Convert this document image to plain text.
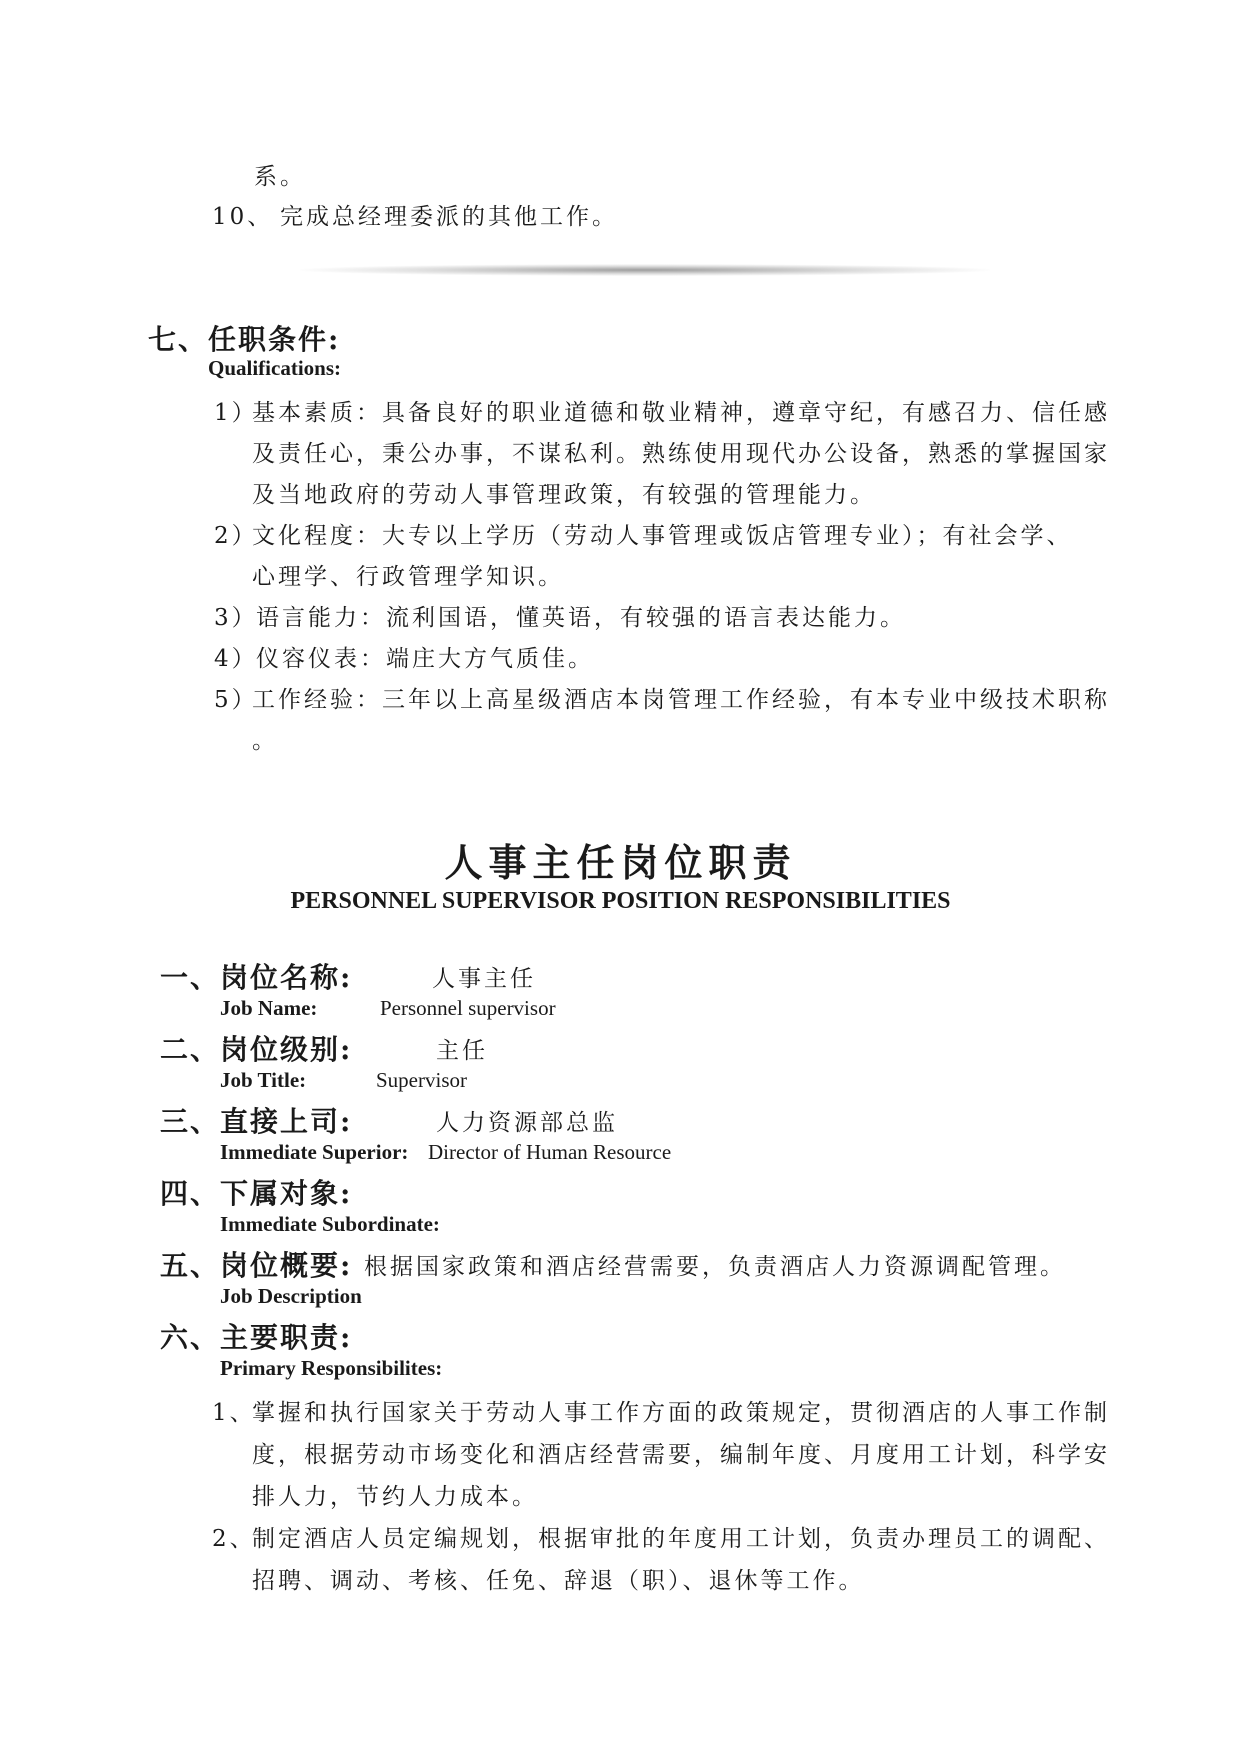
系。
10、 完成总经理委派的其他工作。
七、任职条件:
Qualifications:
1）
基本素质：具备良好的职业道德和敬业精神，遵章守纪，有感召力、信任感
及责任心，秉公办事，不谋私利。熟练使用现代办公设备，熟悉的掌握国家
及当地政府的劳动人事管理政策，有较强的管理能力。
2）
文化程度：大专以上学历（劳动人事管理或饭店管理专业）；有社会学、
心理学、行政管理学知识。
3）
语言能力：流利国语，懂英语，有较强的语言表达能力。
4）
仪容仪表：端庄大方气质佳。
5）
工作经验：三年以上高星级酒店本岗管理工作经验，有本专业中级技术职称
。
人事主任岗位职责
PERSONNEL SUPERVISOR POSITION RESPONSIBILITIES
一、岗位名称:	人事主任
Job Name:	Personnel supervisor
二、岗位级别:	主任
Job Title:	Supervisor
三、直接上司:	人力资源部总监
Immediate Superior: Director of Human Resource
四、下属对象:
Immediate Subordinate:
五、岗位概要: 根据国家政策和酒店经营需要，负责酒店人力资源调配管理。
Job Description
六、主要职责:
Primary Responsibilites:
1、
掌握和执行国家关于劳动人事工作方面的政策规定，贯彻酒店的人事工作制
度，根据劳动市场变化和酒店经营需要，编制年度、月度用工计划，科学安
排人力，节约人力成本。
2、
制定酒店人员定编规划，根据审批的年度用工计划，负责办理员工的调配、
招聘、调动、考核、任免、辞退（职）、退休等工作。
